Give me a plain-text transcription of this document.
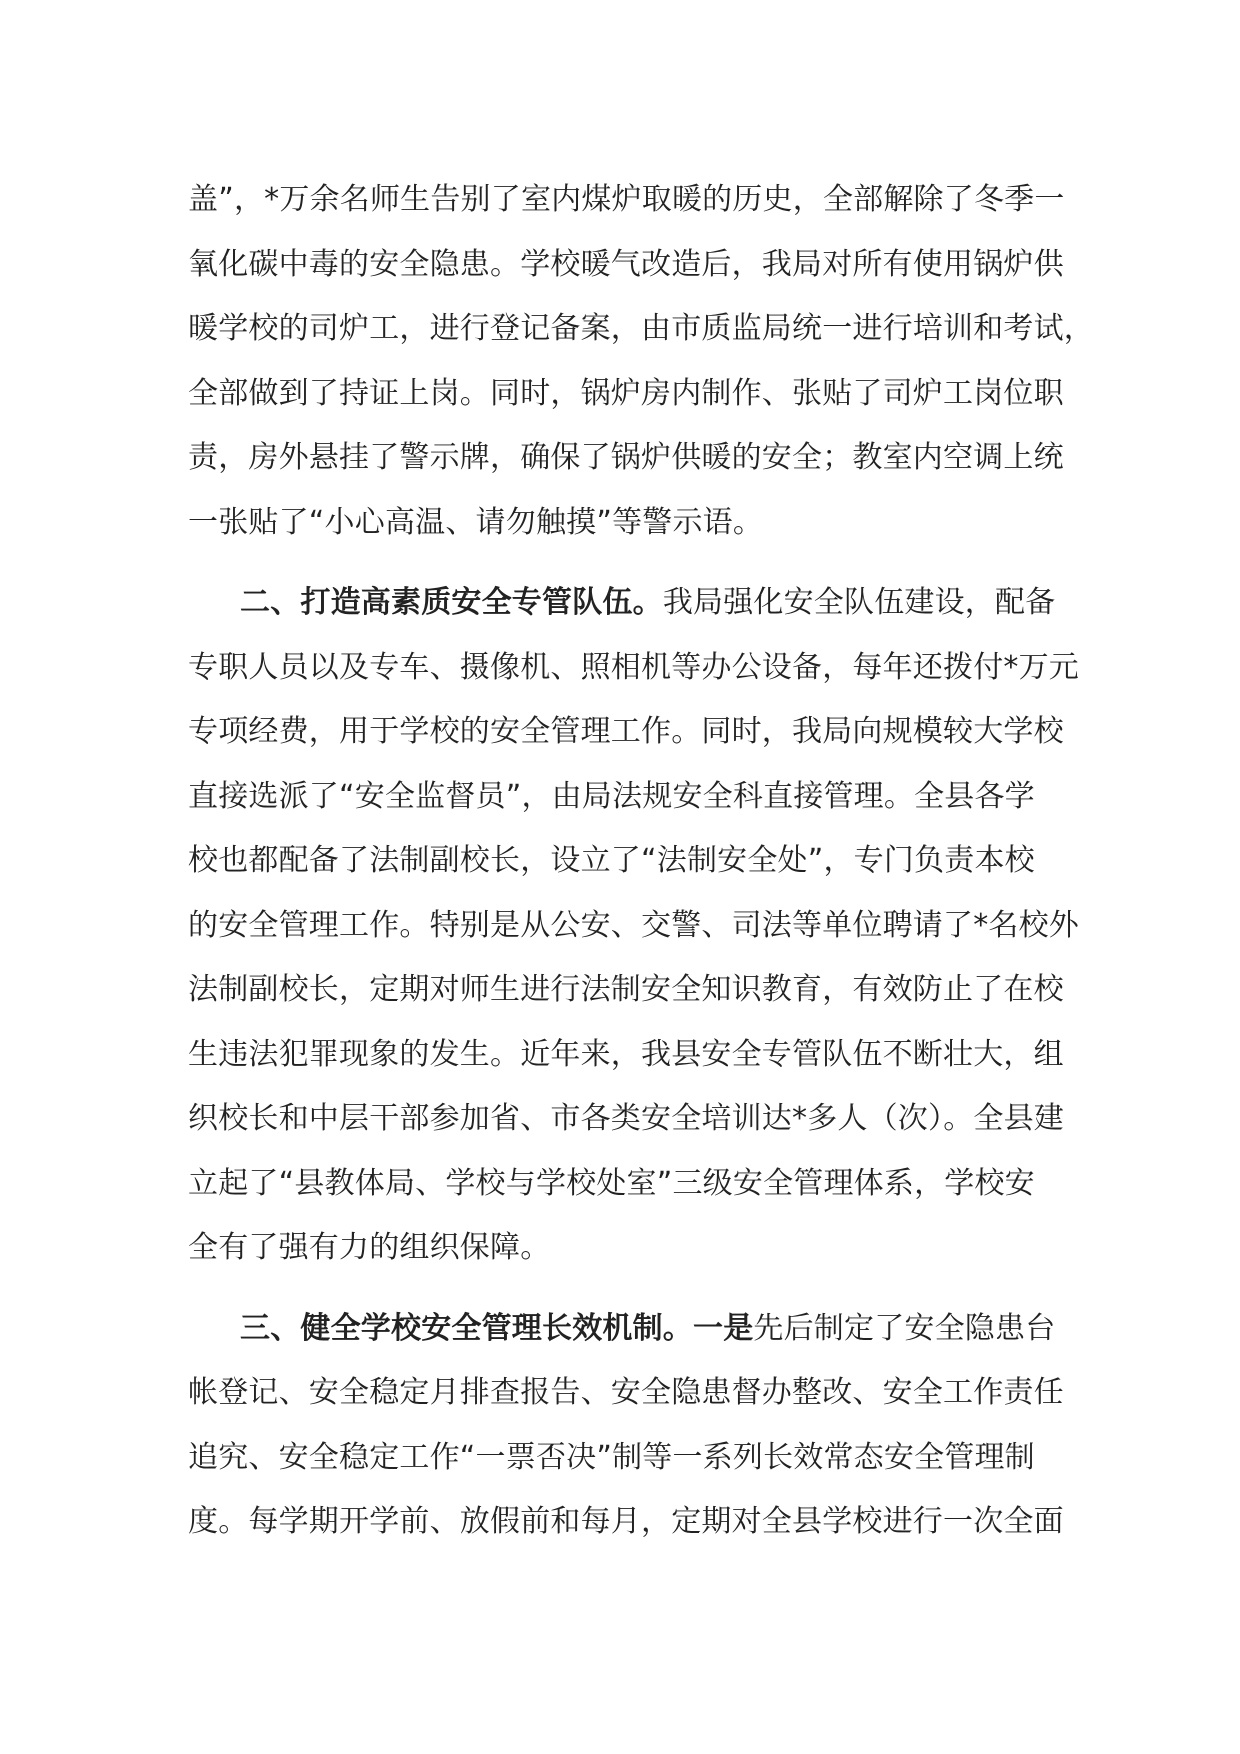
盖”，*万余名师生告别了室内煤炉取暖的历史，全部解除了冬季一
氧化碳中毒的安全隐患。学校暖气改造后，我局对所有使用锅炉供
暖学校的司炉工，进行登记备案，由市质监局统一进行培训和考试，
全部做到了持证上岗。同时，锅炉房内制作、张贴了司炉工岗位职
责，房外悬挂了警示牌，确保了锅炉供暖的安全；教室内空调上统
一张贴了“小心高温、请勿触摸”等警示语。

二、打造高素质安全专管队伍。我局强化安全队伍建设，配备
专职人员以及专车、摄像机、照相机等办公设备，每年还拨付*万元
专项经费，用于学校的安全管理工作。同时，我局向规模较大学校
直接选派了“安全监督员”，由局法规安全科直接管理。全县各学
校也都配备了法制副校长，设立了“法制安全处”，专门负责本校
的安全管理工作。特别是从公安、交警、司法等单位聘请了*名校外
法制副校长，定期对师生进行法制安全知识教育，有效防止了在校
生违法犯罪现象的发生。近年来，我县安全专管队伍不断壮大，组
织校长和中层干部参加省、市各类安全培训达*多人（次）。全县建
立起了“县教体局、学校与学校处室”三级安全管理体系，学校安
全有了强有力的组织保障。

三、健全学校安全管理长效机制。一是先后制定了安全隐患台
帐登记、安全稳定月排查报告、安全隐患督办整改、安全工作责任
追究、安全稳定工作“一票否决”制等一系列长效常态安全管理制
度。每学期开学前、放假前和每月，定期对全县学校进行一次全面
